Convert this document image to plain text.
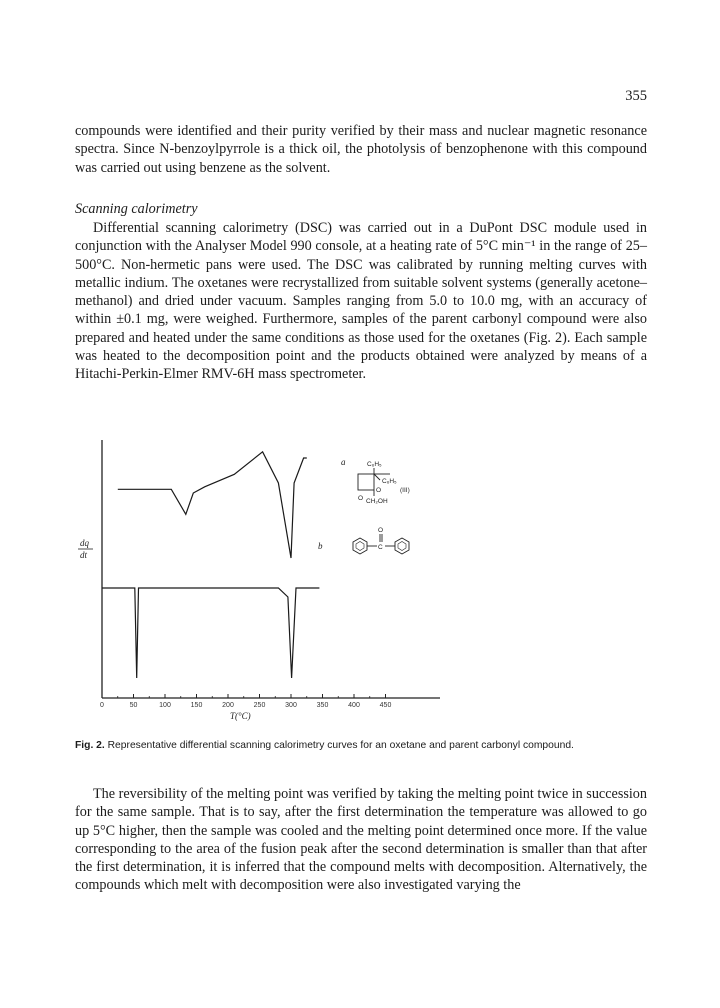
355

compounds were identified and their purity verified by their mass and nuclear magnetic resonance spectra. Since N-benzoylpyrrole is a thick oil, the photolysis of benzophenone with this compound was carried out using benzene as the solvent.

Scanning calorimetry

Differential scanning calorimetry (DSC) was carried out in a DuPont DSC module used in conjunction with the Analyser Model 990 console, at a heating rate of 5°C min⁻¹ in the range of 25–500°C. Non-hermetic pans were used. The DSC was calibrated by running melting curves with metallic indium. The oxetanes were recrystallized from suitable solvent systems (generally acetone–methanol) and dried under vacuum. Samples ranging from 5.0 to 10.0 mg, with an accuracy of within ±0.1 mg, were weighed. Furthermore, samples of the parent carbonyl compound were also prepared and heated under the same conditions as those used for the oxetanes (Fig. 2). Each sample was heated to the decomposition point and the products obtained were analyzed by means of a Hitachi-Perkin-Elmer RMV-6H mass spectrometer.

0	50	100	150	200	250	300	350	400	450
dq
dt
T(°C)
a
b
C₆H₅
C₆H₅
O
O CH₂OH
(III)
O
C

Fig. 2. Representative differential scanning calorimetry curves for an oxetane and parent carbonyl compound.

The reversibility of the melting point was verified by taking the melting point twice in succession for the same sample. That is to say, after the first determination the temperature was allowed to go up 5°C higher, then the sample was cooled and the melting point determined once more. If the value corresponding to the area of the fusion peak after the second determination is smaller than that after the first determination, it is inferred that the compound melts with decomposition. Alternatively, the compounds which melt with decomposition were also investigated varying the
